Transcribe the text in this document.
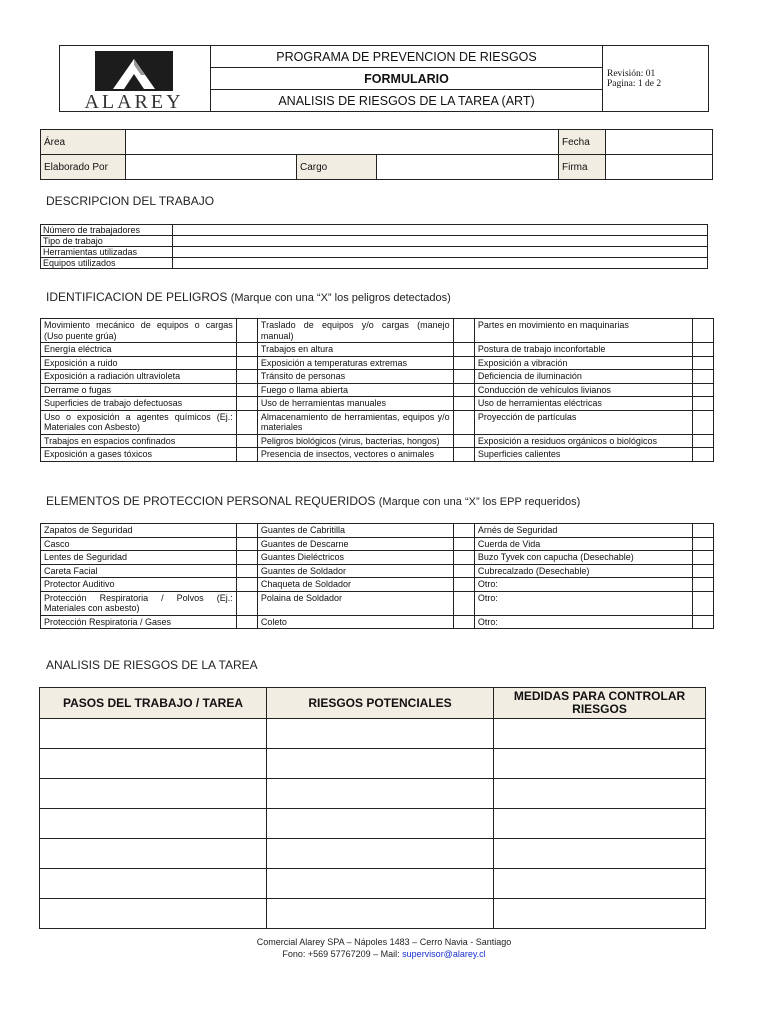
ALAREY
	PROGRAMA DE PREVENCION DE RIESGOS	
Revisión: 01
Pagina: 1 de 2

FORMULARIO
ANALISIS DE RIESGOS DE LA TAREA (ART)
Área				Fecha	
Elaborado Por		Cargo		Firma	
DESCRIPCION DEL TRABAJO
Número de trabajadores	
Tipo de trabajo	
Herramientas utilizadas	
Equipos utilizados	
IDENTIFICACION DE PELIGROS (Marque con una “X” los peligros detectados)
Movimiento mecánico de equipos o cargas (Uso puente grúa)		Traslado de equipos y/o cargas (manejo manual)		Partes en movimiento en maquinarias	
Energía eléctrica		Trabajos en altura		Postura de trabajo inconfortable	
Exposición a ruido		Exposición a temperaturas extremas		Exposición a vibración	
Exposición a radiación ultravioleta		Tránsito de personas		Deficiencia de iluminación	
Derrame o fugas		Fuego o llama abierta		Conducción de vehículos livianos	
Superficies de trabajo defectuosas		Uso de herramientas manuales		Uso de herramientas eléctricas	
Uso o exposición a agentes químicos (Ej.: Materiales con Asbesto)		Almacenamiento de herramientas, equipos y/o materiales		Proyección de partículas	
Trabajos en espacios confinados		Peligros biológicos (virus, bacterias, hongos)		Exposición a residuos orgánicos o biológicos	
Exposición a gases tóxicos		Presencia de insectos, vectores o animales		Superficies calientes	
ELEMENTOS DE PROTECCION PERSONAL REQUERIDOS (Marque con una “X” los EPP requeridos)
Zapatos de Seguridad		Guantes de Cabritilla		Arnés de Seguridad	
Casco		Guantes de Descarne		Cuerda de Vida	
Lentes de Seguridad		Guantes Dieléctricos		Buzo Tyvek con capucha (Desechable)	
Careta Facial		Guantes de Soldador		Cubrecalzado (Desechable)	
Protector Auditivo		Chaqueta de Soldador		Otro:	
Protección Respiratoria / Polvos (Ej.: Materiales con asbesto)		Polaina de Soldador		Otro:	
Protección Respiratoria / Gases		Coleto		Otro:	
ANALISIS DE RIESGOS DE LA TAREA
PASOS DEL TRABAJO / TAREA	RIESGOS POTENCIALES	MEDIDAS PARA CONTROLAR RIESGOS

Comercial Alarey SPA – Nápoles 1483 – Cerro Navia - Santiago
Fono: +569 57767209 – Mail: supervisor@alarey.cl
